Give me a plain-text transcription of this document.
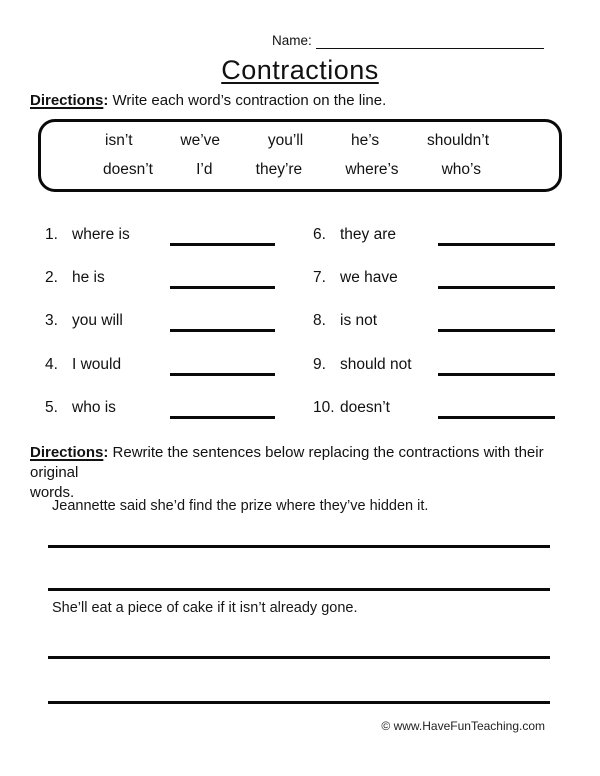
Name:
Contractions
Directions: Write each word’s contraction on the line.
isn’t	we’ve	you’ll	he’s	shouldn’t
doesn’t	I’d	they’re	where’s	who’s
1. where is
2. he is
3. you will
4. I would
5. who is
6. they are
7. we have
8. is not
9. should not
10. doesn’t
Directions: Rewrite the sentences below replacing the contractions with their original
words.
Jeannette said she’d find the prize where they’ve hidden it.
She’ll eat a piece of cake if it isn’t already gone.
© www.HaveFunTeaching.com
